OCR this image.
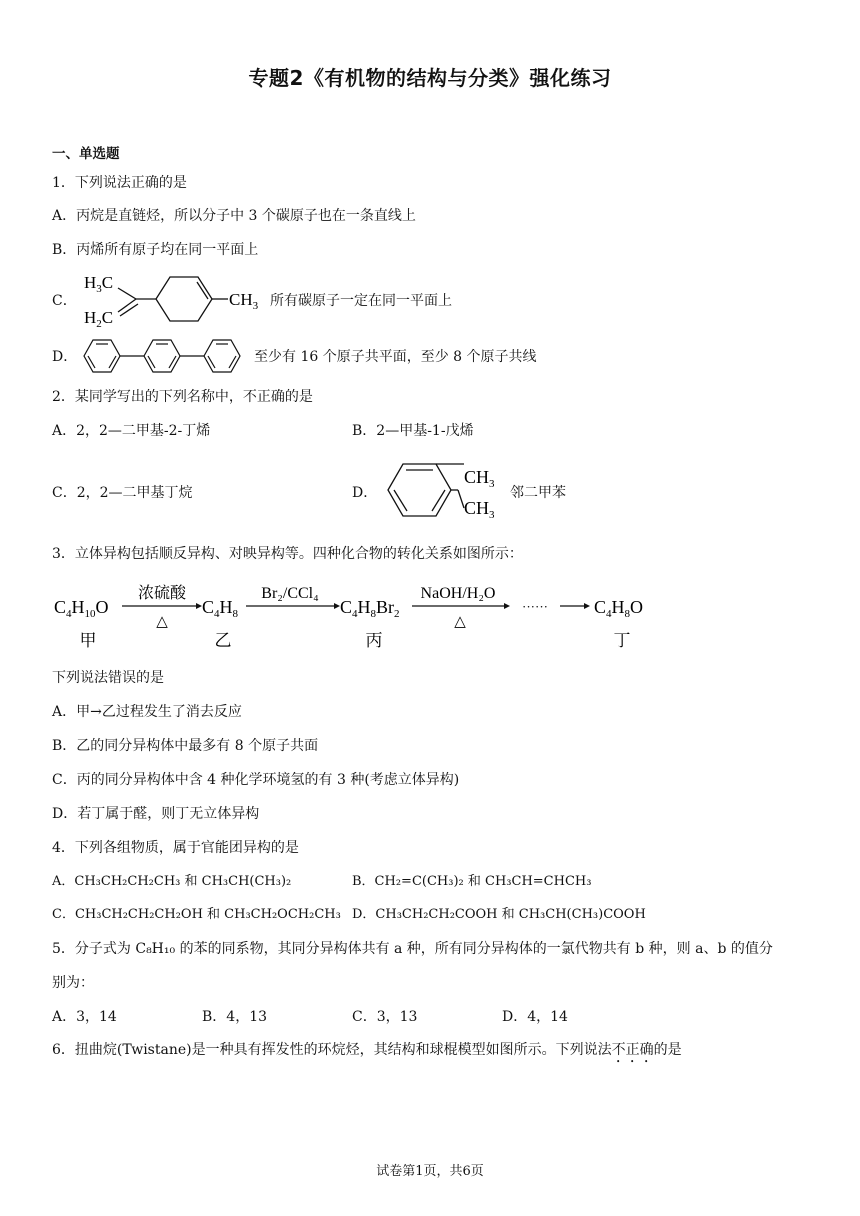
专题2《有机物的结构与分类》强化练习
一、单选题
1．下列说法正确的是
A．丙烷是直链烃，所以分子中 3 个碳原子也在一条直线上
B．丙烯所有原子均在同一平面上
C．
$H_3C$
$H_2C$
$CH_3$ 所有碳原子一定在同一平面上
D．	至少有 16 个原子共平面，至少 8 个原子共线
2．某同学写出的下列名称中，不正确的是
A．2，2—二甲基-2-丁烯	B．2—甲基-1-戊烯
C．2，2—二甲基丁烷	D．
$CH_3$
$CH_3$
邻二甲苯
3．立体异构包括顺反异构、对映异构等。四种化合物的转化关系如图所示：
$C_4H_{10}O$
浓硫酸
△
$C_4H_8$
Br₂/CCl₄
$C_4H_8Br_2$
NaOH/H₂O
△
······	$C_4H_8O$
甲	乙	丙	丁
下列说法错误的是
A．甲→乙过程发生了消去反应
B．乙的同分异构体中最多有 8 个原子共面
C．丙的同分异构体中含 4 种化学环境氢的有 3 种(考虑立体异构)
D．若丁属于醛，则丁无立体异构
4．下列各组物质，属于官能团异构的是
A．CH₃CH₂CH₂CH₃ 和 CH₃CH(CH₃)₂	B．CH₂=C(CH₃)₂ 和 CH₃CH=CHCH₃
C．CH₃CH₂CH₂CH₂OH 和 CH₃CH₂OCH₂CH₃ D．CH₃CH₂CH₂COOH 和 CH₃CH(CH₃)COOH
5．分子式为 C₈H₁₀ 的苯的同系物，其同分异构体共有 a 种，所有同分异构体的一氯代物共有 b 种，则 a、b 的值分
别为：
A．3，14	B．4，13	C．3，13	D．4，14
6．扭曲烷(Twistane)是一种具有挥发性的环烷烃，其结构和球棍模型如图所示。下列说法不正确的是
试卷第1页，共6页
